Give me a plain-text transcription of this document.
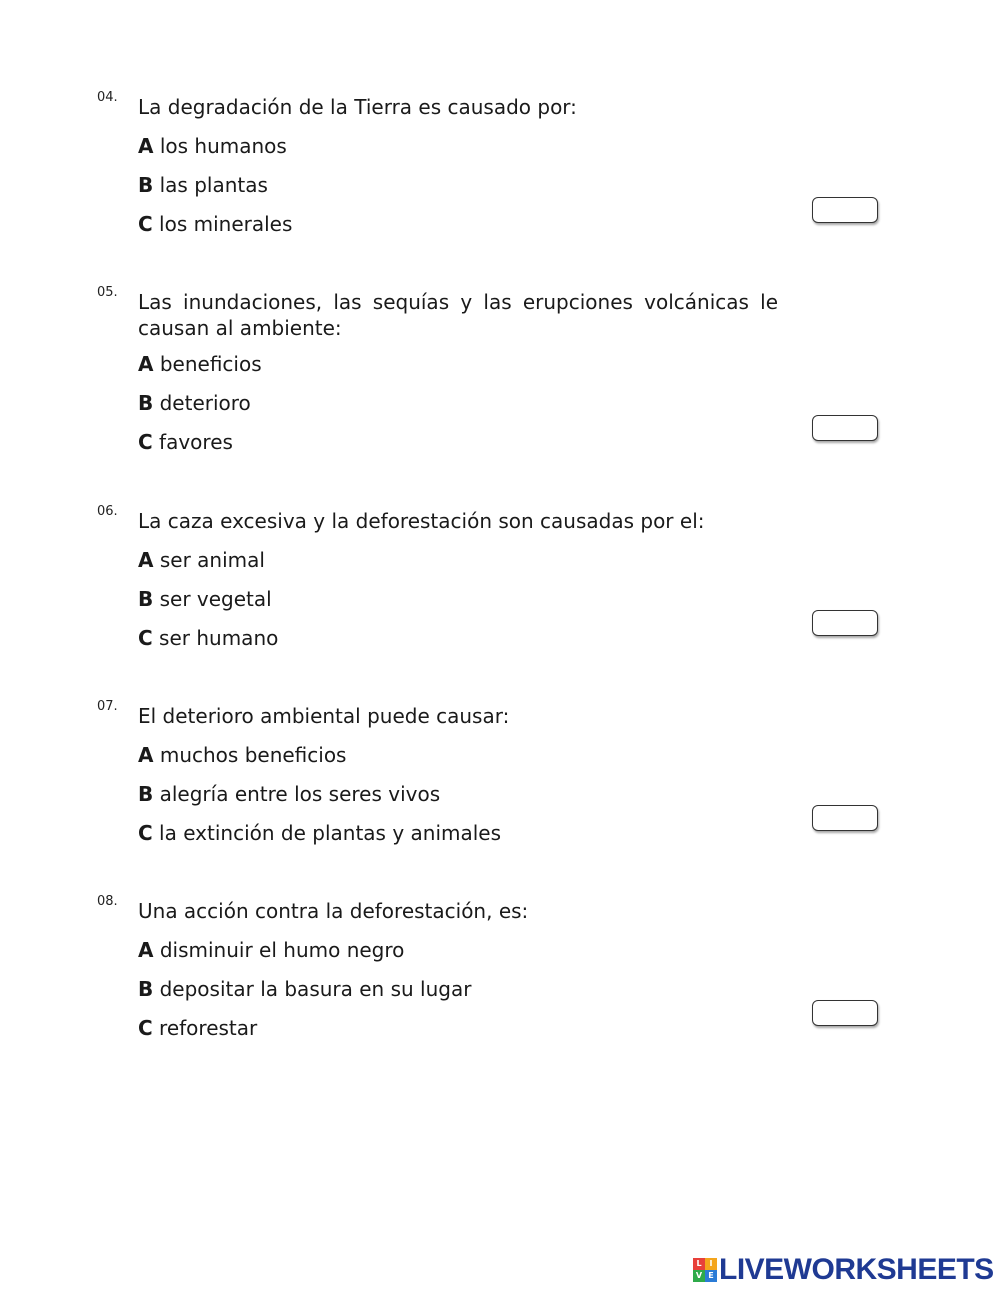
04. La degradación de la Tierra es causado por:
A los humanos
B las plantas
C los minerales
05. Las inundaciones, las sequías y las erupciones volcánicas le causan al ambiente:
A beneficios
B deterioro
C favores
06. La caza excesiva y la deforestación son causadas por el:
A ser animal
B ser vegetal
C ser humano
07. El deterioro ambiental puede causar:
A muchos beneficios
B alegría entre los seres vivos
C la extinción de plantas y animales
08. Una acción contra la deforestación, es:
A disminuir el humo negro
B depositar la basura en su lugar
C reforestar
L I
V E LIVEWORKSHEETS
